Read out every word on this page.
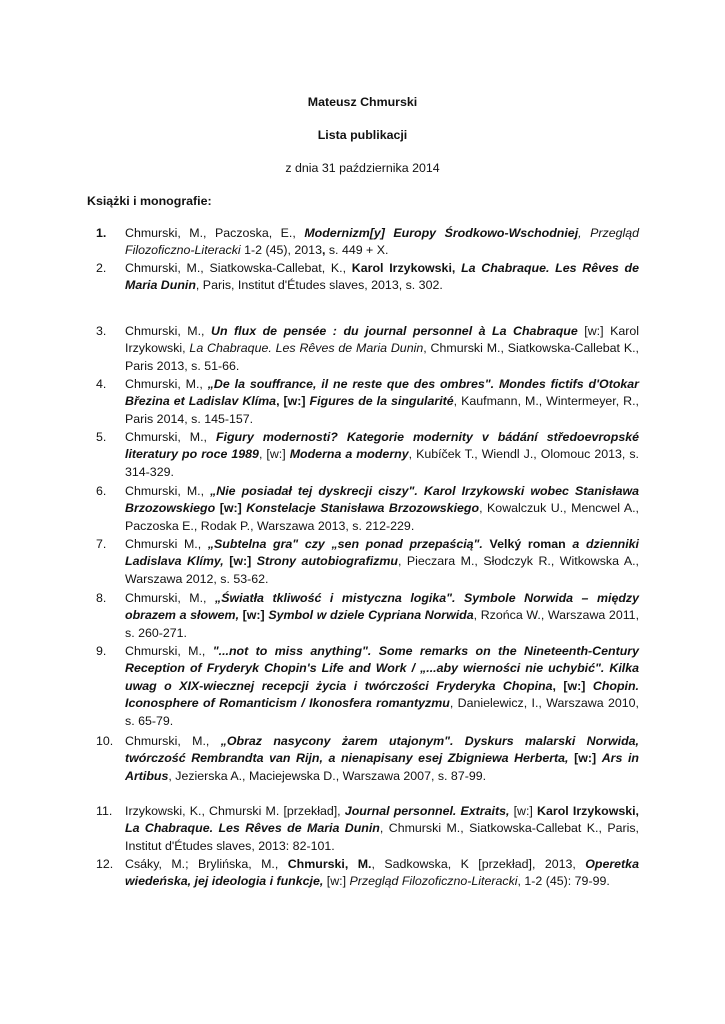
Mateusz Chmurski
Lista publikacji
z dnia 31 października 2014
Książki i monografie:
1.	Chmurski, M., Paczoska, E., Modernizm[y] Europy Środkowo-Wschodniej, Przegląd Filozoficzno-Literacki 1-2 (45), 2013, s. 449 + X.
2.	Chmurski, M., Siatkowska-Callebat, K., Karol Irzykowski, La Chabraque. Les Rêves de Maria Dunin, Paris, Institut d'Études slaves, 2013, s. 302.
3.	Chmurski, M., Un flux de pensée : du journal personnel à La Chabraque [w:] Karol Irzykowski, La Chabraque. Les Rêves de Maria Dunin, Chmurski M., Siatkowska-Callebat K., Paris 2013, s. 51-66.
4.	Chmurski, M., „De la souffrance, il ne reste que des ombres". Mondes fictifs d'Otokar Březina et Ladislav Klíma, [w:] Figures de la singularité, Kaufmann, M., Wintermeyer, R., Paris 2014, s. 145-157.
5.	Chmurski, M., Figury modernosti? Kategorie modernity v bádání středoevropské literatury po roce 1989, [w:] Moderna a moderny, Kubíček T., Wiendl J., Olomouc 2013, s. 314-329.
6.	Chmurski, M., „Nie posiadał tej dyskrecji ciszy". Karol Irzykowski wobec Stanisława Brzozowskiego [w:] Konstelacje Stanisława Brzozowskiego, Kowalczuk U., Mencwel A., Paczoska E., Rodak P., Warszawa 2013, s. 212-229.
7.	Chmurski M., „Subtelna gra" czy „sen ponad przepaścią". Velký roman a dzienniki Ladislava Klímy, [w:] Strony autobiografizmu, Pieczara M., Słodczyk R., Witkowska A., Warszawa 2012, s. 53-62.
8.	Chmurski, M., „Światła tkliwość i mistyczna logika". Symbole Norwida – między obrazem a słowem, [w:] Symbol w dziele Cypriana Norwida, Rzońca W., Warszawa 2011, s. 260-271.
9.	Chmurski, M., "...not to miss anything". Some remarks on the Nineteenth-Century Reception of Fryderyk Chopin's Life and Work / „...aby wierności nie uchybić". Kilka uwag o XIX-wiecznej recepcji życia i twórczości Fryderyka Chopina, [w:] Chopin. Iconosphere of Romanticism / Ikonosfera romantyzmu, Danielewicz, I., Warszawa 2010, s. 65-79.
10. Chmurski, M., „Obraz nasycony żarem utajonym". Dyskurs malarski Norwida, twórczość Rembrandta van Rijn, a nienapisany esej Zbigniewa Herberta, [w:] Ars in Artibus, Jezierska A., Maciejewska D., Warszawa 2007, s. 87-99.
11.	Irzykowski, K., Chmurski M. [przekład], Journal personnel. Extraits, [w:] Karol Irzykowski, La Chabraque. Les Rêves de Maria Dunin, Chmurski M., Siatkowska-Callebat K., Paris, Institut d'Études slaves, 2013: 82-101.
12. Csáky, M.; Brylińska, M., Chmurski, M., Sadkowska, K [przekład], 2013, Operetka wiedeńska, jej ideologia i funkcje, [w:] Przegląd Filozoficzno-Literacki, 1-2 (45): 79-99.
